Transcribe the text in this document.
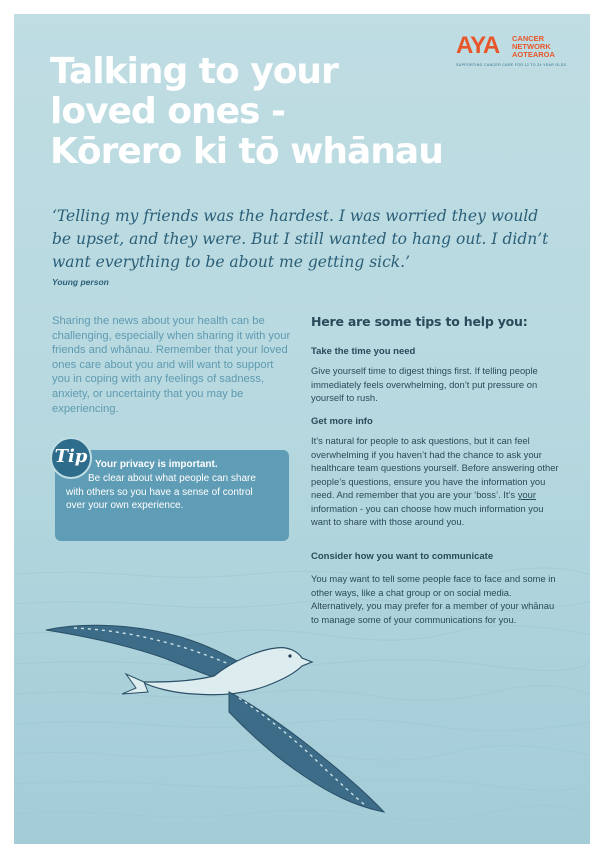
AYA CANCER
NETWORK
AOTEAROA
SUPPORTING CANCER CARE FOR 12 TO 24 YEAR OLDS
Talking to your
loved ones -
Kōrero ki tō whānau
‘Telling my friends was the hardest. I was worried they would be upset, and they were. But I still wanted to hang out. I didn’t want everything to be about me getting sick.’
Young person
Sharing the news about your health can be challenging, especially when sharing it with your friends and whānau. Remember that your loved ones care about you and will want to support you in coping with any feelings of sadness, anxiety, or uncertainty that you may be experiencing.
Tip Your privacy is important.
Be clear about what people can share
with others so you have a sense of control
over your own experience.
Here are some tips to help you:
Take the time you need
Give yourself time to digest things first. If telling people immediately feels overwhelming, don’t put pressure on yourself to rush.
Get more info
It’s natural for people to ask questions, but it can feel overwhelming if you haven’t had the chance to ask your healthcare team questions yourself. Before answering other people’s questions, ensure you have the information you need. And remember that you are your ‘boss’. It’s your information - you can choose how much information you want to share with those around you.
Consider how you want to communicate
You may want to tell some people face to face and some in other ways, like a chat group or on social media. Alternatively, you may prefer for a member of your whānau to manage some of your communications for you.
